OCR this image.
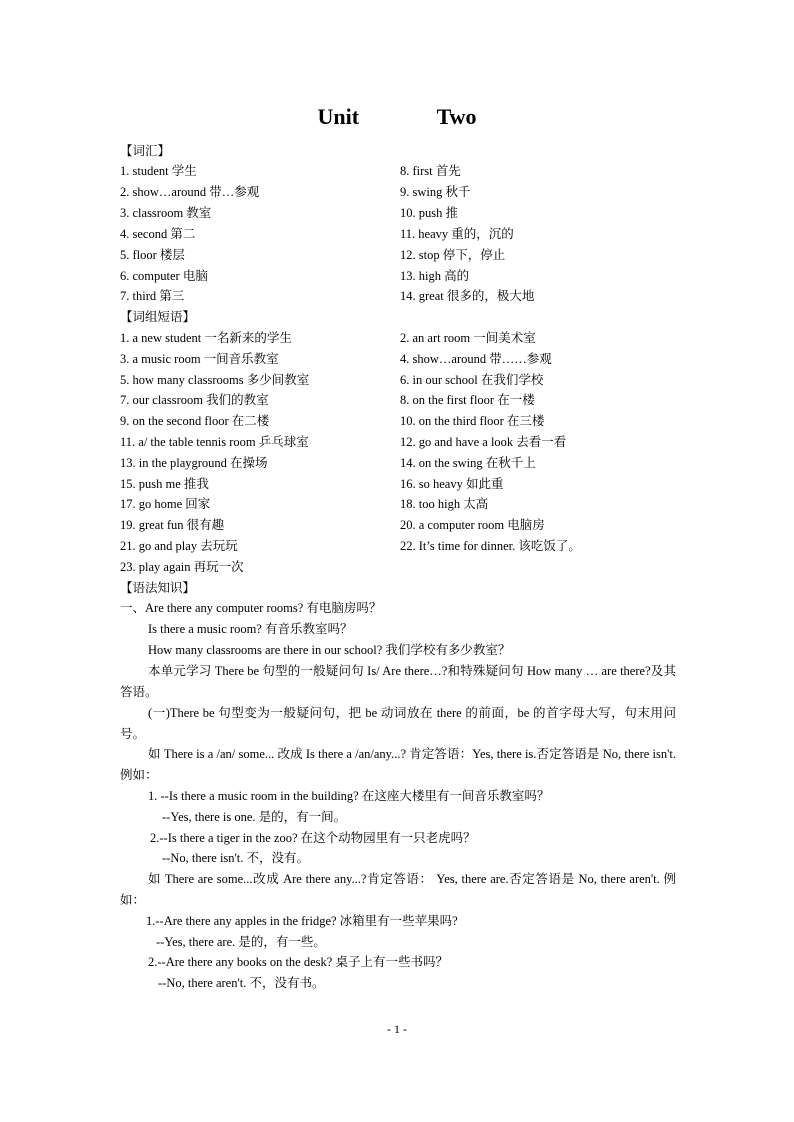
Unit    Two
【词汇】
1. student 学生
2. show…around 带…参观
3. classroom 教室
4. second 第二
5. floor 楼层
6. computer 电脑
7. third 第三
8. first 首先
9. swing 秋千
10. push 推
11. heavy 重的，沉的
12. stop 停下，停止
13. high 高的
14. great 很多的，极大地
【词组短语】
1. a new student 一名新来的学生
3. a music room 一间音乐教室
5. how many classrooms 多少间教室
7. our classroom 我们的教室
9. on the second floor 在二楼
11. a/ the table tennis room 乒乓球室
13. in the playground 在操场
15. push me 推我
17. go home 回家
19. great fun 很有趣
21. go and play 去玩玩
23. play again 再玩一次
2. an art room 一间美术室
4. show…around 带……参观
6. in our school 在我们学校
8. on the first floor 在一楼
10. on the third floor 在三楼
12. go and have a look 去看一看
14. on the swing 在秋千上
16. so heavy 如此重
18. too high 太高
20. a computer room 电脑房
22. It’s time for dinner. 该吃饭了。
【语法知识】
一、Are there any computer rooms? 有电脑房吗？
Is there a music room? 有音乐教室吗？
How many classrooms are there in our school? 我们学校有多少教室？
本单元学习 There be 句型的一般疑问句 Is/ Are there…?和特殊疑问句 How many … are there?及其答语。
(一)There be 句型变为一般疑问句，把 be 动词放在 there 的前面，be 的首字母大写，句末用问号。
如 There is a /an/ some... 改成 Is there a /an/any...? 肯定答语：Yes, there is.否定答语是 No, there isn't. 例如：
1. --Is there a music room in the building? 在这座大楼里有一间音乐教室吗？
--Yes, there is one. 是的，有一间。
2.--Is there a tiger in the zoo? 在这个动物园里有一只老虎吗？
--No, there isn't. 不，没有。
如 There are some...改成 Are there any...?肯定答语： Yes, there are.否定答语是 No, there aren't. 例如：
1.--Are there any apples in the fridge? 冰箱里有一些苹果吗?
--Yes, there are. 是的，有一些。
2.--Are there any books on the desk? 桌子上有一些书吗？
--No, there aren't. 不，没有书。
- 1 -
